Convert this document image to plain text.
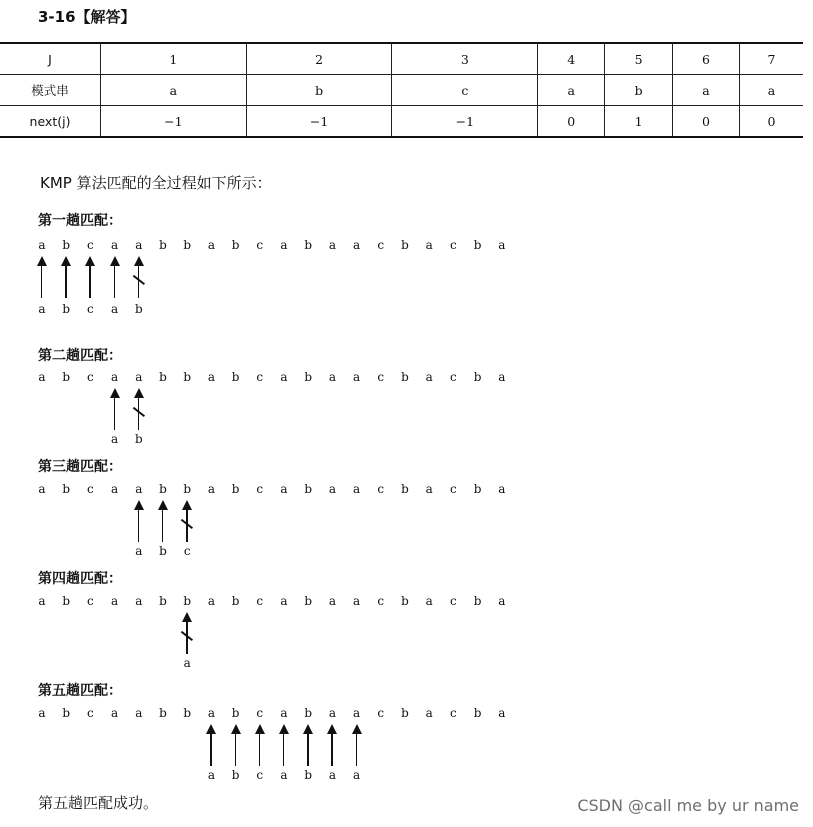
3-16【解答】
J	1	2	3	4	5	6	7
模式串	a	b	c	a	b	a	a
next(j)	−1	−1	−1	0	1	0	0
KMP 算法匹配的全过程如下所示：
第一趟匹配：
a b c a a b b a b c a b a a c b a c b a
a b c a b
第二趟匹配：
a b c a a b b a b c a b a a c b a c b a
a b
第三趟匹配：
a b c a a b b a b c a b a a c b a c b a
a b c
第四趟匹配：
a b c a a b b a b c a b a a c b a c b a
a
第五趟匹配：
a b c a a b b a b c a b a a c b a c b a
a b c a b a a
第五趟匹配成功。	CSDN @call me by ur name
